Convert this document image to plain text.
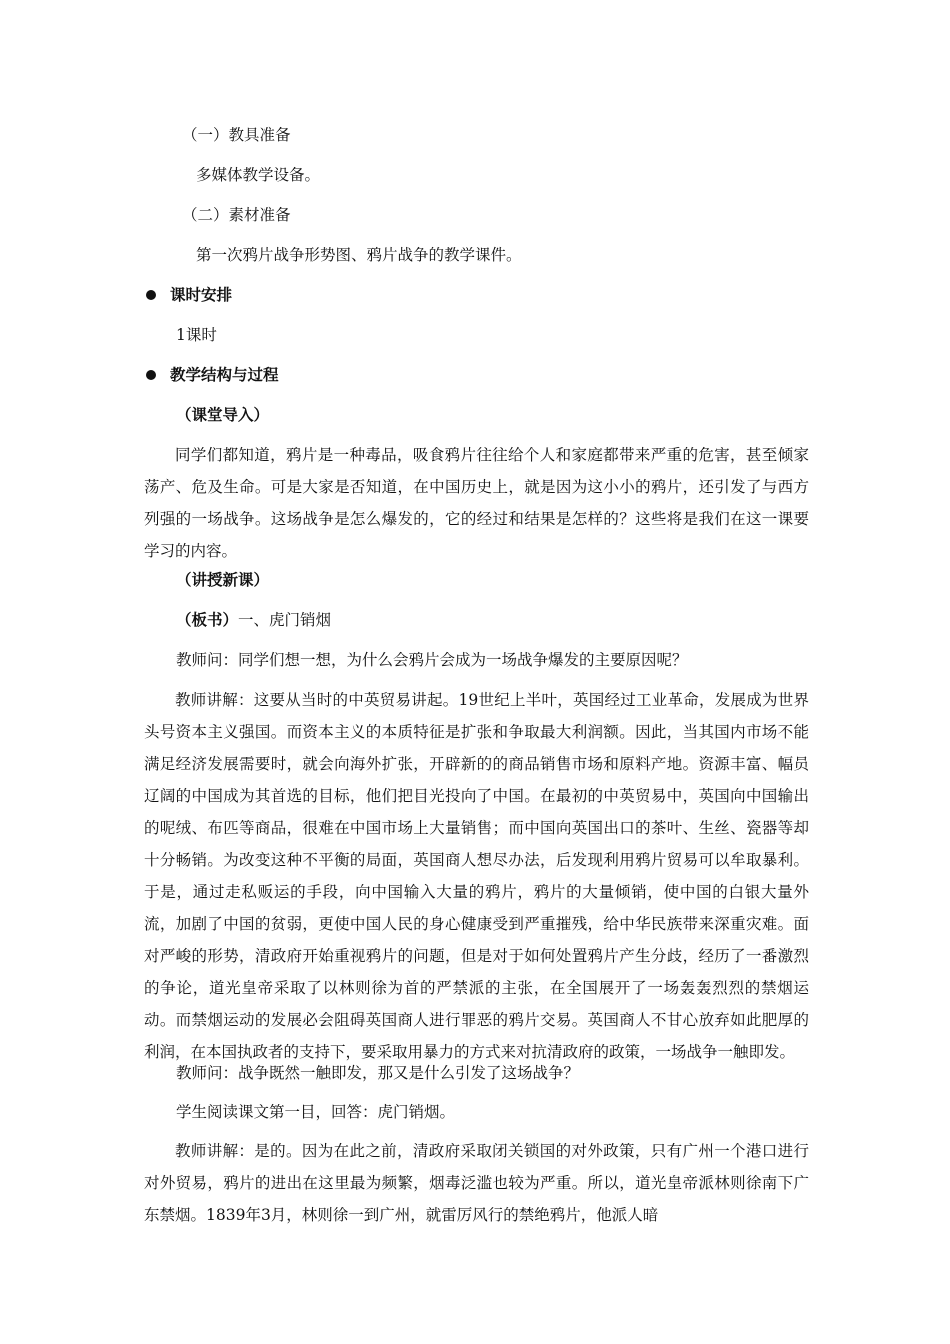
（一）教具准备
多媒体教学设备。
（二）素材准备
第一次鸦片战争形势图、鸦片战争的教学课件。
课时安排
1课时
教学结构与过程
（课堂导入）
同学们都知道，鸦片是一种毒品，吸食鸦片往往给个人和家庭都带来严重的危害，甚至倾家荡产、危及生命。可是大家是否知道，在中国历史上，就是因为这小小的鸦片，还引发了与西方列强的一场战争。这场战争是怎么爆发的，它的经过和结果是怎样的？这些将是我们在这一课要学习的内容。
（讲授新课）
（板书）一、虎门销烟
教师问：同学们想一想，为什么会鸦片会成为一场战争爆发的主要原因呢？
教师讲解：这要从当时的中英贸易讲起。19世纪上半叶，英国经过工业革命，发展成为世界头号资本主义强国。而资本主义的本质特征是扩张和争取最大利润额。因此，当其国内市场不能满足经济发展需要时，就会向海外扩张，开辟新的的商品销售市场和原料产地。资源丰富、幅员辽阔的中国成为其首选的目标，他们把目光投向了中国。在最初的中英贸易中，英国向中国输出的呢绒、布匹等商品，很难在中国市场上大量销售；而中国向英国出口的茶叶、生丝、瓷器等却十分畅销。为改变这种不平衡的局面，英国商人想尽办法，后发现利用鸦片贸易可以牟取暴利。于是，通过走私贩运的手段，向中国输入大量的鸦片，鸦片的大量倾销，使中国的白银大量外流，加剧了中国的贫弱，更使中国人民的身心健康受到严重摧残，给中华民族带来深重灾难。面对严峻的形势，清政府开始重视鸦片的问题，但是对于如何处置鸦片产生分歧，经历了一番激烈的争论，道光皇帝采取了以林则徐为首的严禁派的主张，在全国展开了一场轰轰烈烈的禁烟运动。而禁烟运动的发展必会阻碍英国商人进行罪恶的鸦片交易。英国商人不甘心放弃如此肥厚的利润，在本国执政者的支持下，要采取用暴力的方式来对抗清政府的政策，一场战争一触即发。
教师问：战争既然一触即发，那又是什么引发了这场战争？
学生阅读课文第一目，回答：虎门销烟。
教师讲解：是的。因为在此之前，清政府采取闭关锁国的对外政策，只有广州一个港口进行对外贸易，鸦片的进出在这里最为频繁，烟毒泛滥也较为严重。所以，道光皇帝派林则徐南下广东禁烟。1839年3月，林则徐一到广州，就雷厉风行的禁绝鸦片，他派人暗
